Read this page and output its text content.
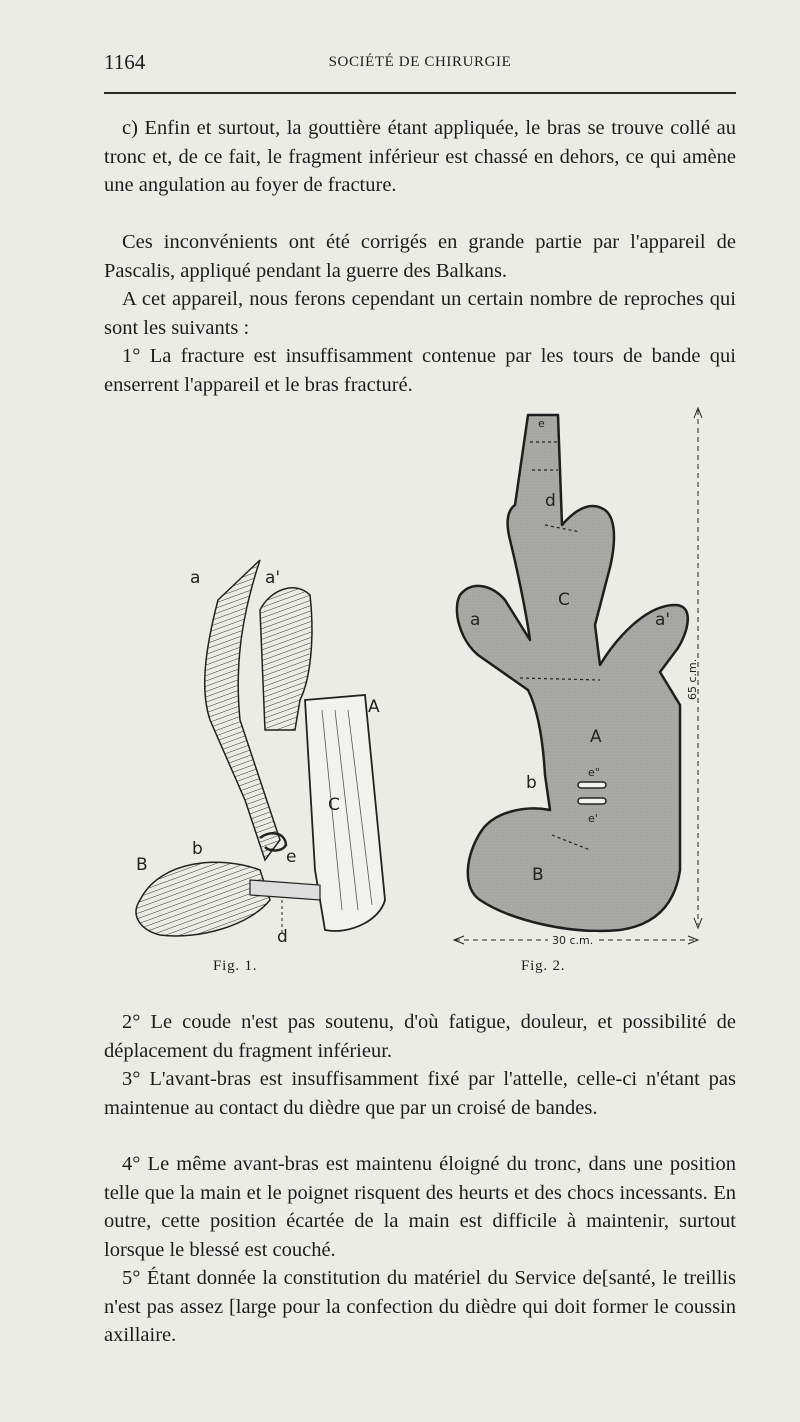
1164	SOCIÉTÉ DE CHIRURGIE

c) Enfin et surtout, la gouttière étant appliquée, le bras se trouve collé au tronc et, de ce fait, le fragment inférieur est chassé en dehors, ce qui amène une angulation au foyer de fracture.

Ces inconvénients ont été corrigés en grande partie par l'appareil de Pascalis, appliqué pendant la guerre des Balkans.

A cet appareil, nous ferons cependant un certain nombre de reproches qui sont les suivants :

1° La fracture est insuffisamment contenue par les tours de bande qui enserrent l'appareil et le bras fracturé.

a	a'
A
C
b
B	e
d
e
d
C
a	a'
A
b
e"
e'
B
65 c.m.
30 c.m.
Fig. 1.	Fig. 2.

2° Le coude n'est pas soutenu, d'où fatigue, douleur, et possibilité de déplacement du fragment inférieur.

3° L'avant-bras est insuffisamment fixé par l'attelle, celle-ci n'étant pas maintenue au contact du dièdre que par un croisé de bandes.

4° Le même avant-bras est maintenu éloigné du tronc, dans une position telle que la main et le poignet risquent des heurts et des chocs incessants. En outre, cette position écartée de la main est difficile à maintenir, surtout lorsque le blessé est couché.

5° Étant donnée la constitution du matériel du Service de[santé, le treillis n'est pas assez [large pour la confection du dièdre qui doit former le coussin axillaire.
